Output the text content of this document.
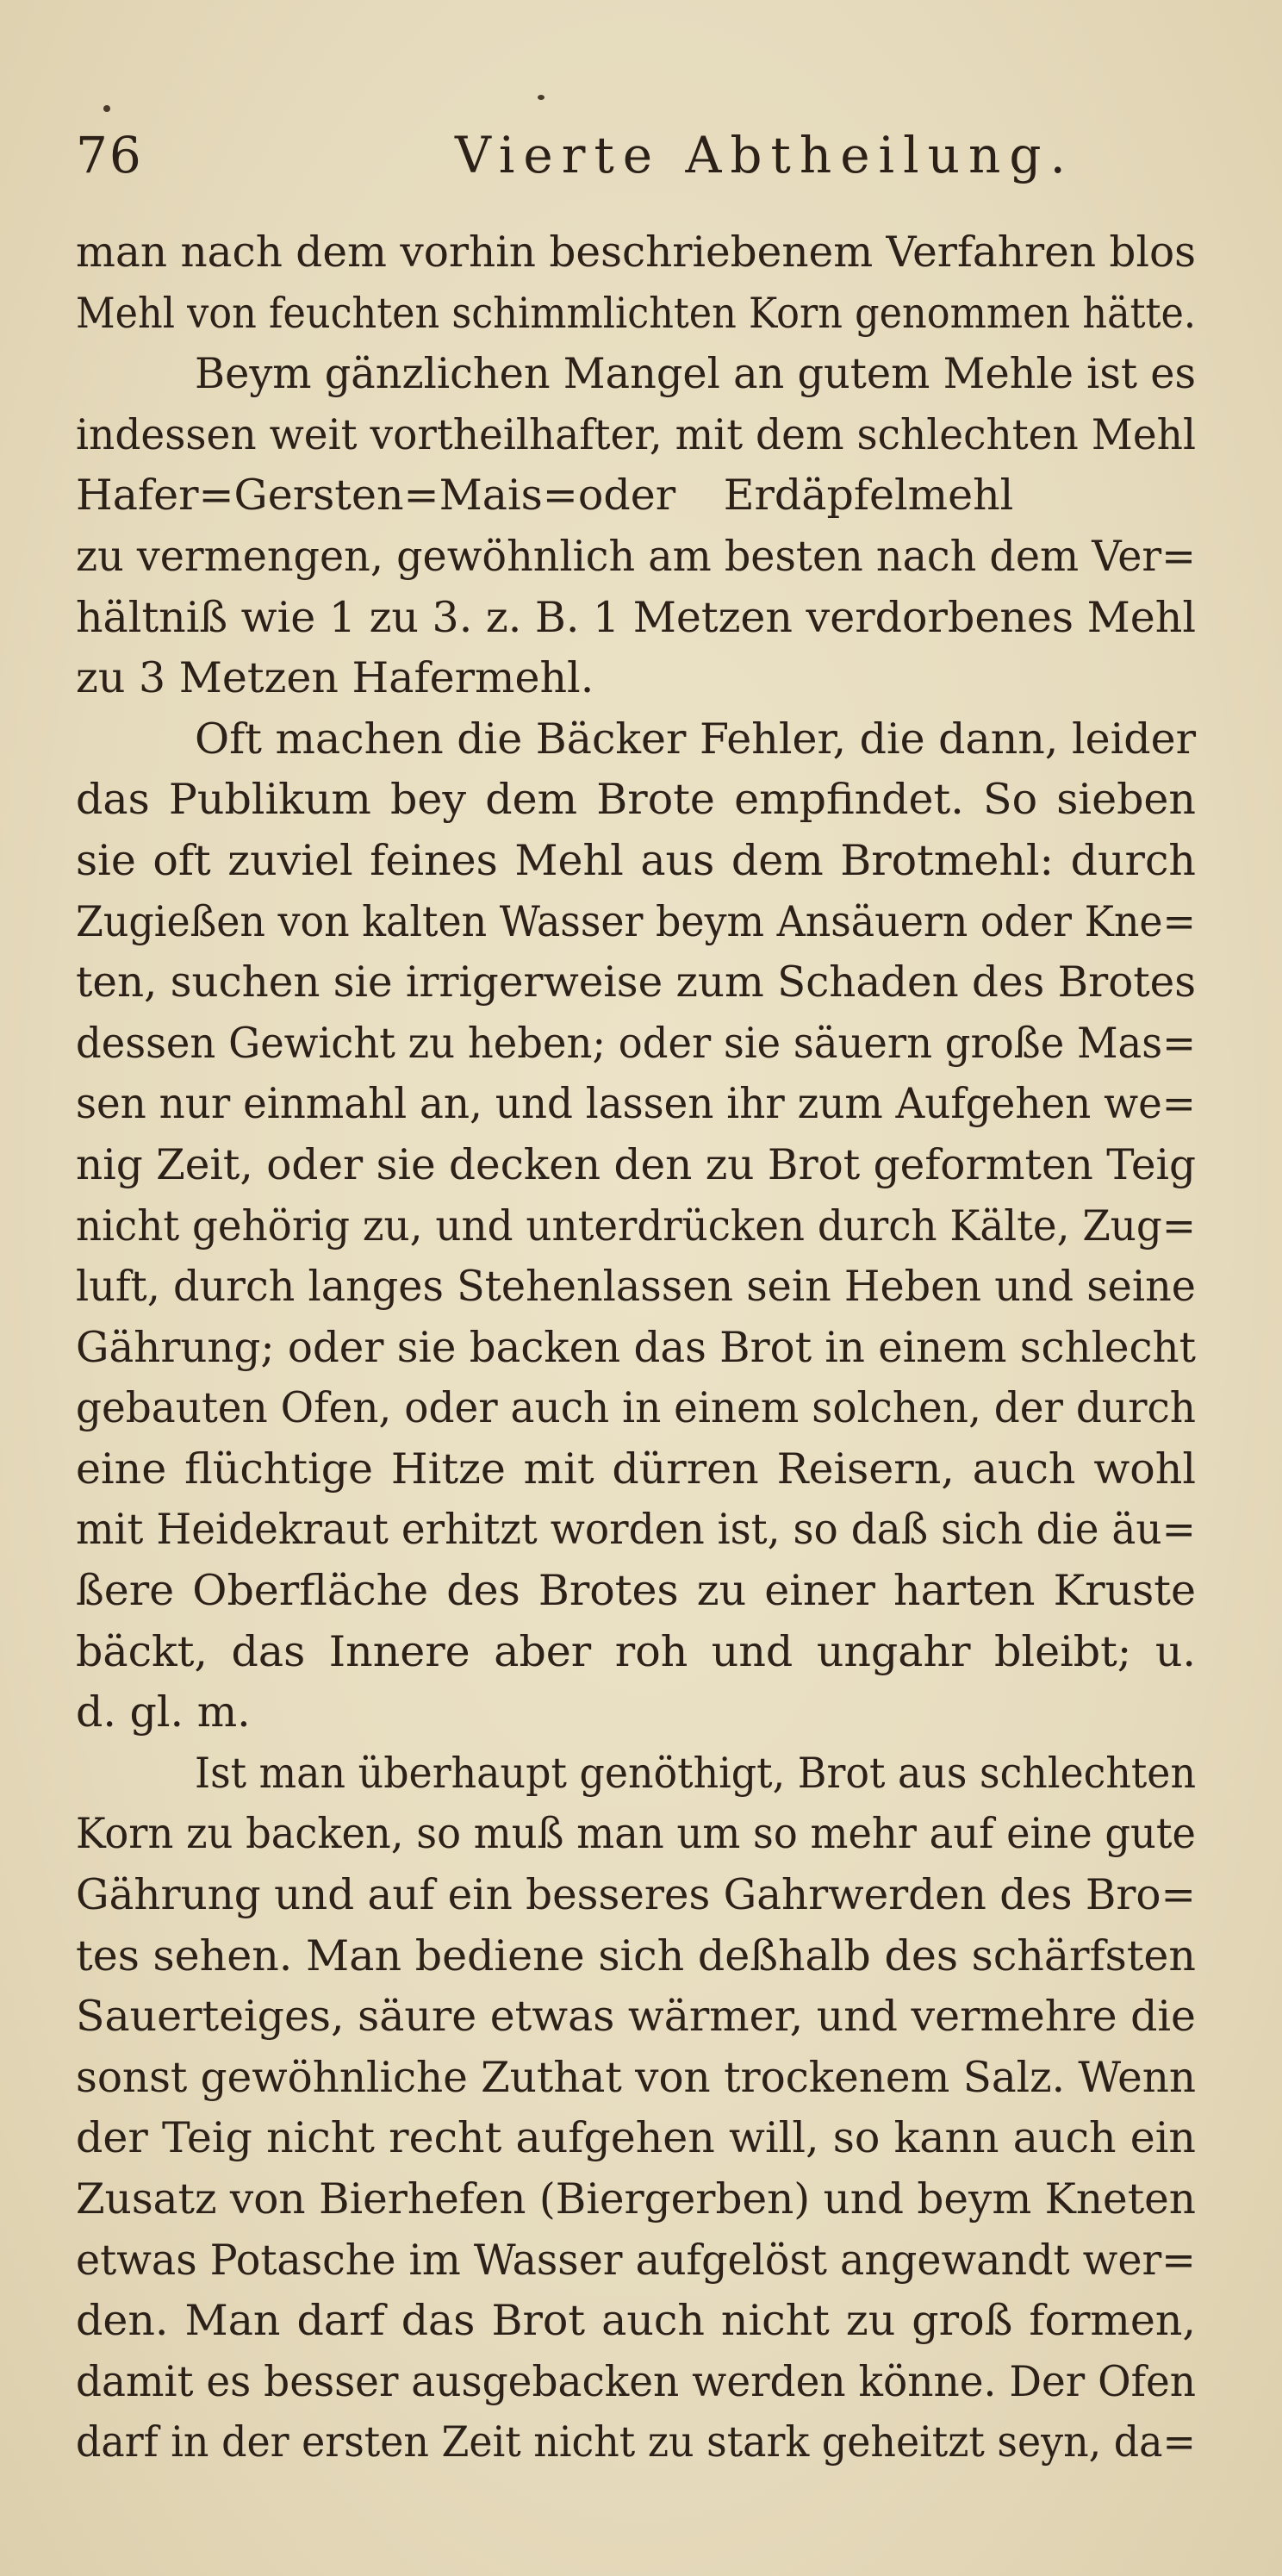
76	Vierte Abtheilung.
man nach dem vorhin beschriebenem Verfahren blos
Mehl von feuchten schimmlichten Korn genommen hätte.
Beym gänzlichen Mangel an gutem Mehle ist es
indessen weit vortheilhafter, mit dem schlechten Mehl
Hafer=Gersten=Mais=oder Erdäpfelmehl
zu vermengen, gewöhnlich am besten nach dem Ver=
hältniß wie 1 zu 3. z. B. 1 Metzen verdorbenes Mehl
zu 3 Metzen Hafermehl.
Oft machen die Bäcker Fehler, die dann, leider
das Publikum bey dem Brote empfindet. So sieben
sie oft zuviel feines Mehl aus dem Brotmehl: durch
Zugießen von kalten Wasser beym Ansäuern oder Kne=
ten, suchen sie irrigerweise zum Schaden des Brotes
dessen Gewicht zu heben; oder sie säuern große Mas=
sen nur einmahl an, und lassen ihr zum Aufgehen we=
nig Zeit, oder sie decken den zu Brot geformten Teig
nicht gehörig zu, und unterdrücken durch Kälte, Zug=
luft, durch langes Stehenlassen sein Heben und seine
Gährung; oder sie backen das Brot in einem schlecht
gebauten Ofen, oder auch in einem solchen, der durch
eine flüchtige Hitze mit dürren Reisern, auch wohl
mit Heidekraut erhitzt worden ist, so daß sich die äu=
ßere Oberfläche des Brotes zu einer harten Kruste
bäckt, das Innere aber roh und ungahr bleibt; u.
d. gl. m.
Ist man überhaupt genöthigt, Brot aus schlechten
Korn zu backen, so muß man um so mehr auf eine gute
Gährung und auf ein besseres Gahrwerden des Bro=
tes sehen. Man bediene sich deßhalb des schärfsten
Sauerteiges, säure etwas wärmer, und vermehre die
sonst gewöhnliche Zuthat von trockenem Salz. Wenn
der Teig nicht recht aufgehen will, so kann auch ein
Zusatz von Bierhefen (Biergerben) und beym Kneten
etwas Potasche im Wasser aufgelöst angewandt wer=
den. Man darf das Brot auch nicht zu groß formen,
damit es besser ausgebacken werden könne. Der Ofen
darf in der ersten Zeit nicht zu stark geheitzt seyn, da=
